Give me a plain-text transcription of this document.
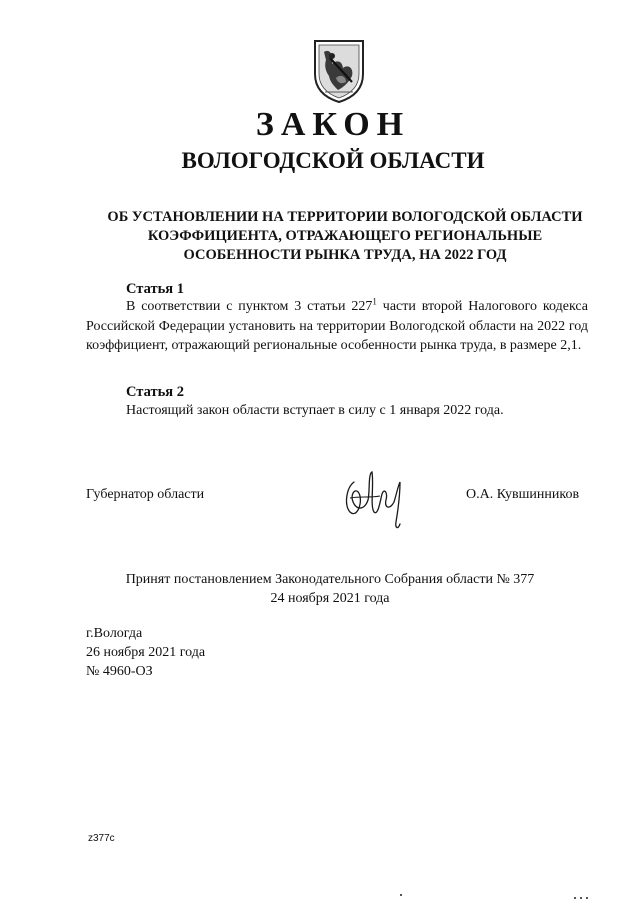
ЗАКОН
ВОЛОГОДСКОЙ ОБЛАСТИ
ОБ УСТАНОВЛЕНИИ НА ТЕРРИТОРИИ ВОЛОГОДСКОЙ ОБЛАСТИ
КОЭФФИЦИЕНТА, ОТРАЖАЮЩЕГО РЕГИОНАЛЬНЫЕ
ОСОБЕННОСТИ РЫНКА ТРУДА, НА 2022 ГОД
Статья 1
В соответствии с пунктом 3 статьи $227^1$ части второй Налогового кодекса Российской Федерации установить на территории Вологодской области на 2022 год коэффициент, отражающий региональные особенности рынка труда, в размере 2,1.
Статья 2
Настоящий закон области вступает в силу с 1 января 2022 года.
Губернатор области	О.А. Кувшинников
Принят постановлением Законодательного Собрания области № 377
24 ноября 2021 года
г.Вологда
26 ноября 2021 года
№ 4960-ОЗ
z377c
